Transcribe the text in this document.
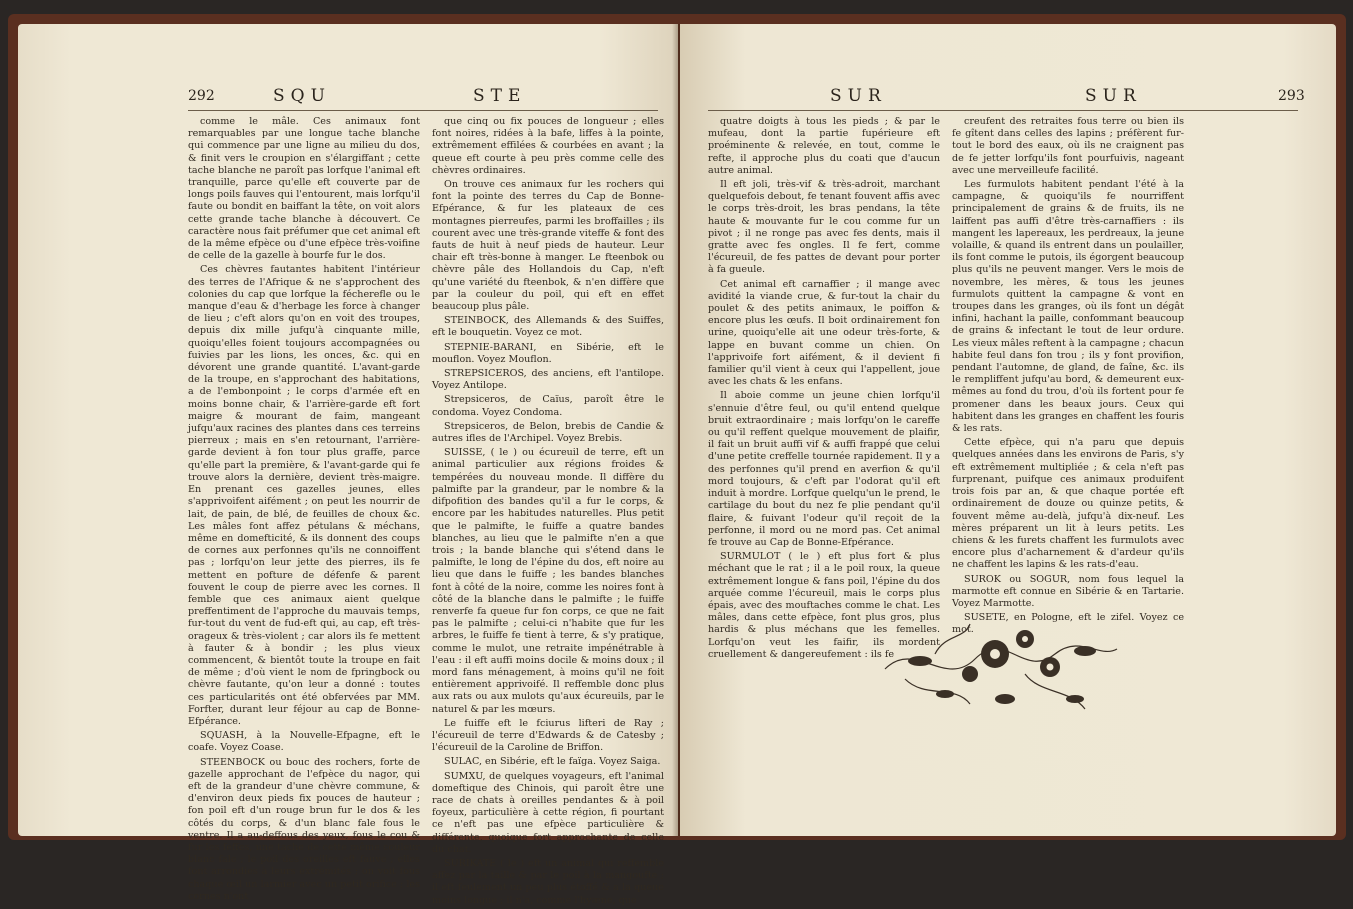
292	SQU	STE

comme le mâle. Ces animaux font remarquables par une longue tache blanche qui commence par une ligne au milieu du dos, & finit vers le croupion en s'élargiffant ; cette tache blanche ne paroît pas lorfque l'animal eft tranquille, parce qu'elle eft couverte par de longs poils fauves qui l'entourent, mais lorfqu'il faute ou bondit en baiffant la tête, on voit alors cette grande tache blanche à découvert. Ce caractère nous fait préfumer que cet animal eft de la même efpèce ou d'une efpèce très-voifine de celle de la gazelle à bourfe fur le dos.

Ces chèvres fautantes habitent l'intérieur des terres de l'Afrique & ne s'approchent des colonies du cap que lorfque la fécherefle ou le manque d'eau & d'herbage les force à changer de lieu ; c'eft alors qu'on en voit des troupes, depuis dix mille jufqu'à cinquante mille, quoiqu'elles foient toujours accompagnées ou fuivies par les lions, les onces, &c. qui en dévorent une grande quantité. L'avant-garde de la troupe, en s'approchant des habitations, a de l'embonpoint ; le corps d'armée eft en moins bonne chair, & l'arrière-garde eft fort maigre & mourant de faim, mangeant jufqu'aux racines des plantes dans ces terreins pierreux ; mais en s'en retournant, l'arrière-garde devient à fon tour plus graffe, parce qu'elle part la première, & l'avant-garde qui fe trouve alors la dernière, devient très-maigre. En prenant ces gazelles jeunes, elles s'apprivoifent aifément ; on peut les nourrir de lait, de pain, de blé, de feuilles de choux &c. Les mâles font affez pétulans & méchans, même en domefticité, & ils donnent des coups de cornes aux perfonnes qu'ils ne connoiffent pas ; lorfqu'on leur jette des pierres, ils fe mettent en pofture de défenfe & parent fouvent le coup de pierre avec les cornes. Il femble que ces animaux aient quelque preffentiment de l'approche du mauvais temps, fur-tout du vent de fud-eft qui, au cap, eft très-orageux & très-violent ; car alors ils fe mettent à fauter & à bondir ; les plus vieux commencent, & bientôt toute la troupe en fait de même ; d'où vient le nom de fpringbock ou chèvre fautante, qu'on leur a donné : toutes ces particularités ont été obfervées par MM. Forfter, durant leur féjour au cap de Bonne-Efpérance.

SQUASH, à la Nouvelle-Efpagne, eft le coafe. Voyez Coase.

STEENBOCK ou bouc des rochers, forte de gazelle approchant de l'efpèce du nagor, qui eft de la grandeur d'une chèvre commune, & d'environ deux pieds fix pouces de hauteur ; fon poil eft d'un rouge brun fur le dos & les côtés du corps, & d'un blanc fale fous le ventre. Il a au-deffous des yeux, fous le cou & fur les feffes, une tache de cette même couleur blanc fale ; le poil des oreilles eft fauve ; elles font arrondies à leurs extrémités ; on voit fous chaque œil un larmier avec un petit orifice ; les cornes n'ont

que cinq ou fix pouces de longueur ; elles font noires, ridées à la bafe, liffes à la pointe, extrêmement effilées & courbées en avant ; la queue eft courte à peu près comme celle des chèvres ordinaires.

On trouve ces animaux fur les rochers qui font la pointe des terres du Cap de Bonne-Efpérance, & fur les plateaux de ces montagnes pierreufes, parmi les broffailles ; ils courent avec une très-grande viteffe & font des fauts de huit à neuf pieds de hauteur. Leur chair eft très-bonne à manger. Le fteenbok ou chèvre pâle des Hollandois du Cap, n'eft qu'une variété du fteenbok, & n'en diffère que par la couleur du poil, qui eft en effet beaucoup plus pâle.

STEINBOCK, des Allemands & des Suiffes, eft le bouquetin. Voyez ce mot.

STEPNIE-BARANI, en Sibérie, eft le mouflon. Voyez Mouflon.

STREPSICEROS, des anciens, eft l'antilope. Voyez Antilope.

Strepsiceros, de Caïus, paroît être le condoma. Voyez Condoma.

Strepsiceros, de Belon, brebis de Candie & autres ifles de l'Archipel. Voyez Brebis.

SUISSE, ( le ) ou écureuil de terre, eft un animal particulier aux régions froides & tempérées du nouveau monde. Il diffère du palmifte par la grandeur, par le nombre & la difpofition des bandes qu'il a fur le corps, & encore par les habitudes naturelles. Plus petit que le palmifte, le fuiffe a quatre bandes blanches, au lieu que le palmifte n'en a que trois ; la bande blanche qui s'étend dans le palmifte, le long de l'épine du dos, eft noire au lieu que dans le fuiffe ; les bandes blanches font à côté de la noire, comme les noires font à côté de la blanche dans le palmifte ; le fuiffe renverfe fa queue fur fon corps, ce que ne fait pas le palmifte ; celui-ci n'habite que fur les arbres, le fuiffe fe tient à terre, & s'y pratique, comme le mulot, une retraite impénétrable à l'eau : il eft auffi moins docile & moins doux ; il mord fans ménagement, à moins qu'il ne foit entièrement apprivoifé. Il reffemble donc plus aux rats ou aux mulots qu'aux écureuils, par le naturel & par les mœurs.

Le fuiffe eft le fciurus lifteri de Ray ; l'écureuil de terre d'Edwards & de Catesby ; l'écureuil de la Caroline de Briffon.

SULAC, en Sibérie, eft le faïga. Voyez Saiga.

SUMXU, de quelques voyageurs, eft l'animal domeftique des Chinois, qui paroît être une race de chats à oreilles pendantes & à poil foyeux, particulière à cette région, fi pourtant ce n'eft pas une efpèce particulière & différente, quoique fort approchante de celle du chat.

SURIKATE ( le ) eft un animal qui reffemble affez par la taille & par le poil à la mangoufte ; il eft feulement un peu plus étoffé & a la queue moins longue ; il n'a, comme l'hyæne, que

SUR	SUR	293

quatre doigts à tous les pieds ; & par le mufeau, dont la partie fupérieure eft proéminente & relevée, en tout, comme le refte, il approche plus du coati que d'aucun autre animal.

Il eft joli, très-vif & très-adroit, marchant quelquefois debout, fe tenant fouvent affis avec le corps très-droit, les bras pendans, la tête haute & mouvante fur le cou comme fur un pivot ; il ne ronge pas avec fes dents, mais il gratte avec fes ongles. Il fe fert, comme l'écureuil, de fes pattes de devant pour porter à fa gueule.

Cet animal eft carnaffier ; il mange avec avidité la viande crue, & fur-tout la chair du poulet & des petits animaux, le poiffon & encore plus les œufs. Il boit ordinairement fon urine, quoiqu'elle ait une odeur très-forte, & lappe en buvant comme un chien. On l'apprivoife fort aifément, & il devient fi familier qu'il vient à ceux qui l'appellent, joue avec les chats & les enfans.

Il aboie comme un jeune chien lorfqu'il s'ennuie d'être feul, ou qu'il entend quelque bruit extraordinaire ; mais lorfqu'on le careffe ou qu'il reffent quelque mouvement de plaifir, il fait un bruit auffi vif & auffi frappé que celui d'une petite creffelle tournée rapidement. Il y a des perfonnes qu'il prend en averfion & qu'il mord toujours, & c'eft par l'odorat qu'il eft induit à mordre. Lorfque quelqu'un le prend, le cartilage du bout du nez fe plie pendant qu'il flaire, & fuivant l'odeur qu'il reçoit de la perfonne, il mord ou ne mord pas. Cet animal fe trouve au Cap de Bonne-Efpérance.

SURMULOT ( le ) eft plus fort & plus méchant que le rat ; il a le poil roux, la queue extrêmement longue & fans poil, l'épine du dos arquée comme l'écureuil, mais le corps plus épais, avec des mouftaches comme le chat. Les mâles, dans cette efpèce, font plus gros, plus hardis & plus méchans que les femelles. Lorfqu'on veut les faifir, ils mordent cruellement & dangereufement : ils fe

creufent des retraites fous terre ou bien ils fe gîtent dans celles des lapins ; préfèrent fur-tout le bord des eaux, où ils ne craignent pas de fe jetter lorfqu'ils font pourfuivis, nageant avec une merveilleufe facilité.

Les furmulots habitent pendant l'été à la campagne, & quoiqu'ils fe nourriffent principalement de grains & de fruits, ils ne laiffent pas auffi d'être très-carnaffiers : ils mangent les lapereaux, les perdreaux, la jeune volaille, & quand ils entrent dans un poulailler, ils font comme le putois, ils égorgent beaucoup plus qu'ils ne peuvent manger. Vers le mois de novembre, les mères, & tous les jeunes furmulots quittent la campagne & vont en troupes dans les granges, où ils font un dégât infini, hachant la paille, confommant beaucoup de grains & infectant le tout de leur ordure. Les vieux mâles reftent à la campagne ; chacun habite feul dans fon trou ; ils y font provifion, pendant l'automne, de gland, de faîne, &c. ils le rempliffent jufqu'au bord, & demeurent eux-mêmes au fond du trou, d'où ils fortent pour fe promener dans les beaux jours. Ceux qui habitent dans les granges en chaffent les fouris & les rats.

Cette efpèce, qui n'a paru que depuis quelques années dans les environs de Paris, s'y eft extrêmement multipliée ; & cela n'eft pas furprenant, puifque ces animaux produifent trois fois par an, & que chaque portée eft ordinairement de douze ou quinze petits, & fouvent même au-delà, jufqu'à dix-neuf. Les mères préparent un lit à leurs petits. Les chiens & les furets chaffent les furmulots avec encore plus d'acharnement & d'ardeur qu'ils ne chaffent les lapins & les rats-d'eau.

SUROK ou SOGUR, nom fous lequel la marmotte eft connue en Sibérie & en Tartarie. Voyez Marmotte.

SUSETE, en Pologne, eft le zifel. Voyez ce mot.
